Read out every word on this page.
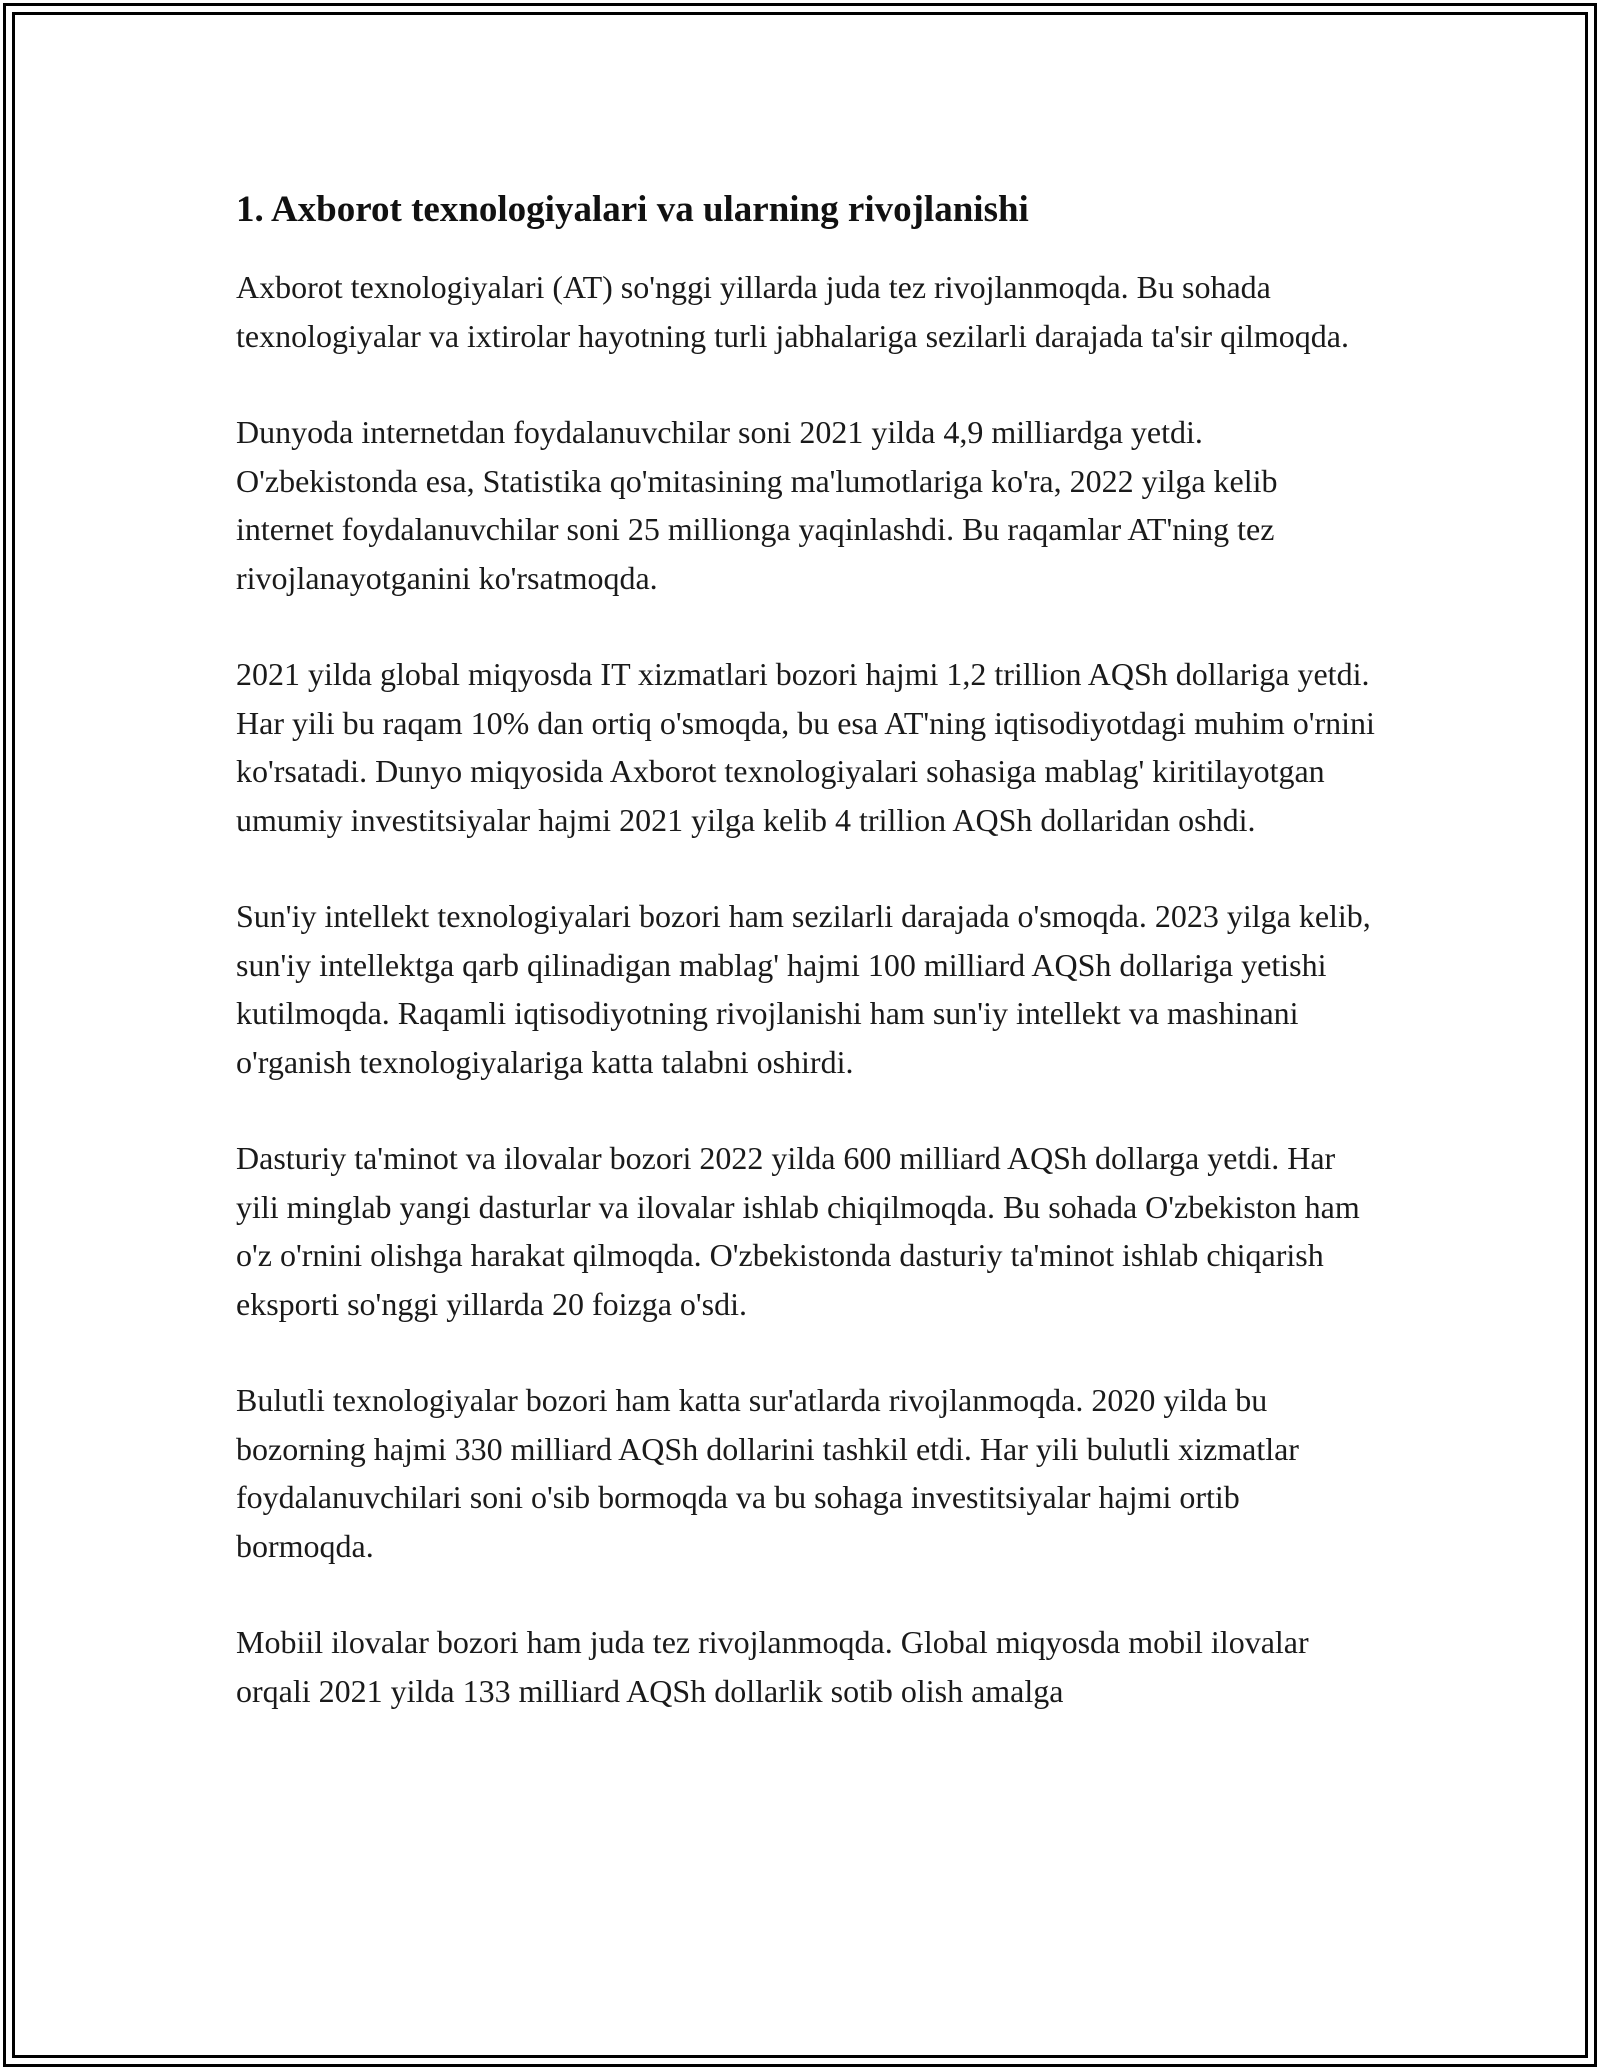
1. Axborot texnologiyalari va ularning rivojlanishi

Axborot texnologiyalari (AT) so'nggi yillarda juda tez rivojlanmoqda. Bu sohada texnologiyalar va ixtirolar hayotning turli jabhalariga sezilarli darajada ta'sir qilmoqda.

Dunyoda internetdan foydalanuvchilar soni 2021 yilda 4,9 milliardga yetdi. O'zbekistonda esa, Statistika qo'mitasining ma'lumotlariga ko'ra, 2022 yilga kelib internet foydalanuvchilar soni 25 millionga yaqinlashdi. Bu raqamlar AT'ning tez rivojlanayotganini ko'rsatmoqda.

2021 yilda global miqyosda IT xizmatlari bozori hajmi 1,2 trillion AQSh dollariga yetdi. Har yili bu raqam 10% dan ortiq o'smoqda, bu esa AT'ning iqtisodiyotdagi muhim o'rnini ko'rsatadi. Dunyo miqyosida Axborot texnologiyalari sohasiga mablag' kiritilayotgan umumiy investitsiyalar hajmi 2021 yilga kelib 4 trillion AQSh dollaridan oshdi.

Sun'iy intellekt texnologiyalari bozori ham sezilarli darajada o'smoqda. 2023 yilga kelib, sun'iy intellektga qarb qilinadigan mablag' hajmi 100 milliard AQSh dollariga yetishi kutilmoqda. Raqamli iqtisodiyotning rivojlanishi ham sun'iy intellekt va mashinani o'rganish texnologiyalariga katta talabni oshirdi.

Dasturiy ta'minot va ilovalar bozori 2022 yilda 600 milliard AQSh dollarga yetdi. Har yili minglab yangi dasturlar va ilovalar ishlab chiqilmoqda. Bu sohada O'zbekiston ham o'z o'rnini olishga harakat qilmoqda. O'zbekistonda dasturiy ta'minot ishlab chiqarish eksporti so'nggi yillarda 20 foizga o'sdi.

Bulutli texnologiyalar bozori ham katta sur'atlarda rivojlanmoqda. 2020 yilda bu bozorning hajmi 330 milliard AQSh dollarini tashkil etdi. Har yili bulutli xizmatlar foydalanuvchilari soni o'sib bormoqda va bu sohaga investitsiyalar hajmi ortib bormoqda.

Mobiil ilovalar bozori ham juda tez rivojlanmoqda. Global miqyosda mobil ilovalar orqali 2021 yilda 133 milliard AQSh dollarlik sotib olish amalga
